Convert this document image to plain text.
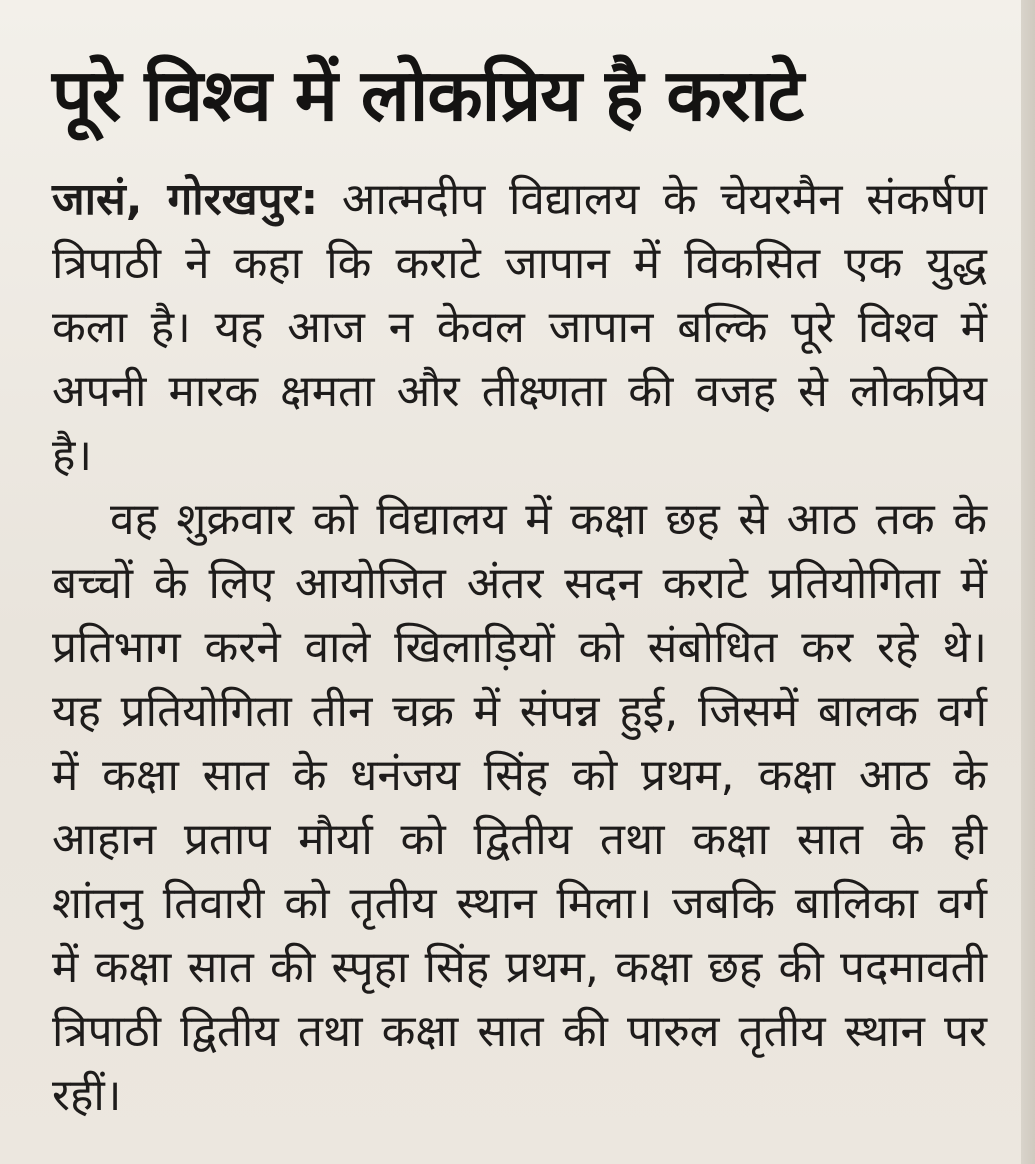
पूरे विश्व में लोकप्रिय है कराटे

जासं, गोरखपुर: आत्मदीप विद्यालय के चेयरमैन संकर्षण त्रिपाठी ने कहा कि कराटे जापान में विकसित एक युद्ध कला है। यह आज न केवल जापान बल्कि पूरे विश्व में अपनी मारक क्षमता और तीक्ष्णता की वजह से लोकप्रिय है।

वह शुक्रवार को विद्यालय में कक्षा छह से आठ तक के बच्चों के लिए आयोजित अंतर सदन कराटे प्रतियोगिता में प्रतिभाग करने वाले खिलाड़ियों को संबोधित कर रहे थे। यह प्रतियोगिता तीन चक्र में संपन्न हुई, जिसमें बालक वर्ग में कक्षा सात के धनंजय सिंह को प्रथम, कक्षा आठ के आहान प्रताप मौर्या को द्वितीय तथा कक्षा सात के ही शांतनु तिवारी को तृतीय स्थान मिला। जबकि बालिका वर्ग में कक्षा सात की स्पृहा सिंह प्रथम, कक्षा छह की पदमावती त्रिपाठी द्वितीय तथा कक्षा सात की पारुल तृतीय स्थान पर रहीं।
